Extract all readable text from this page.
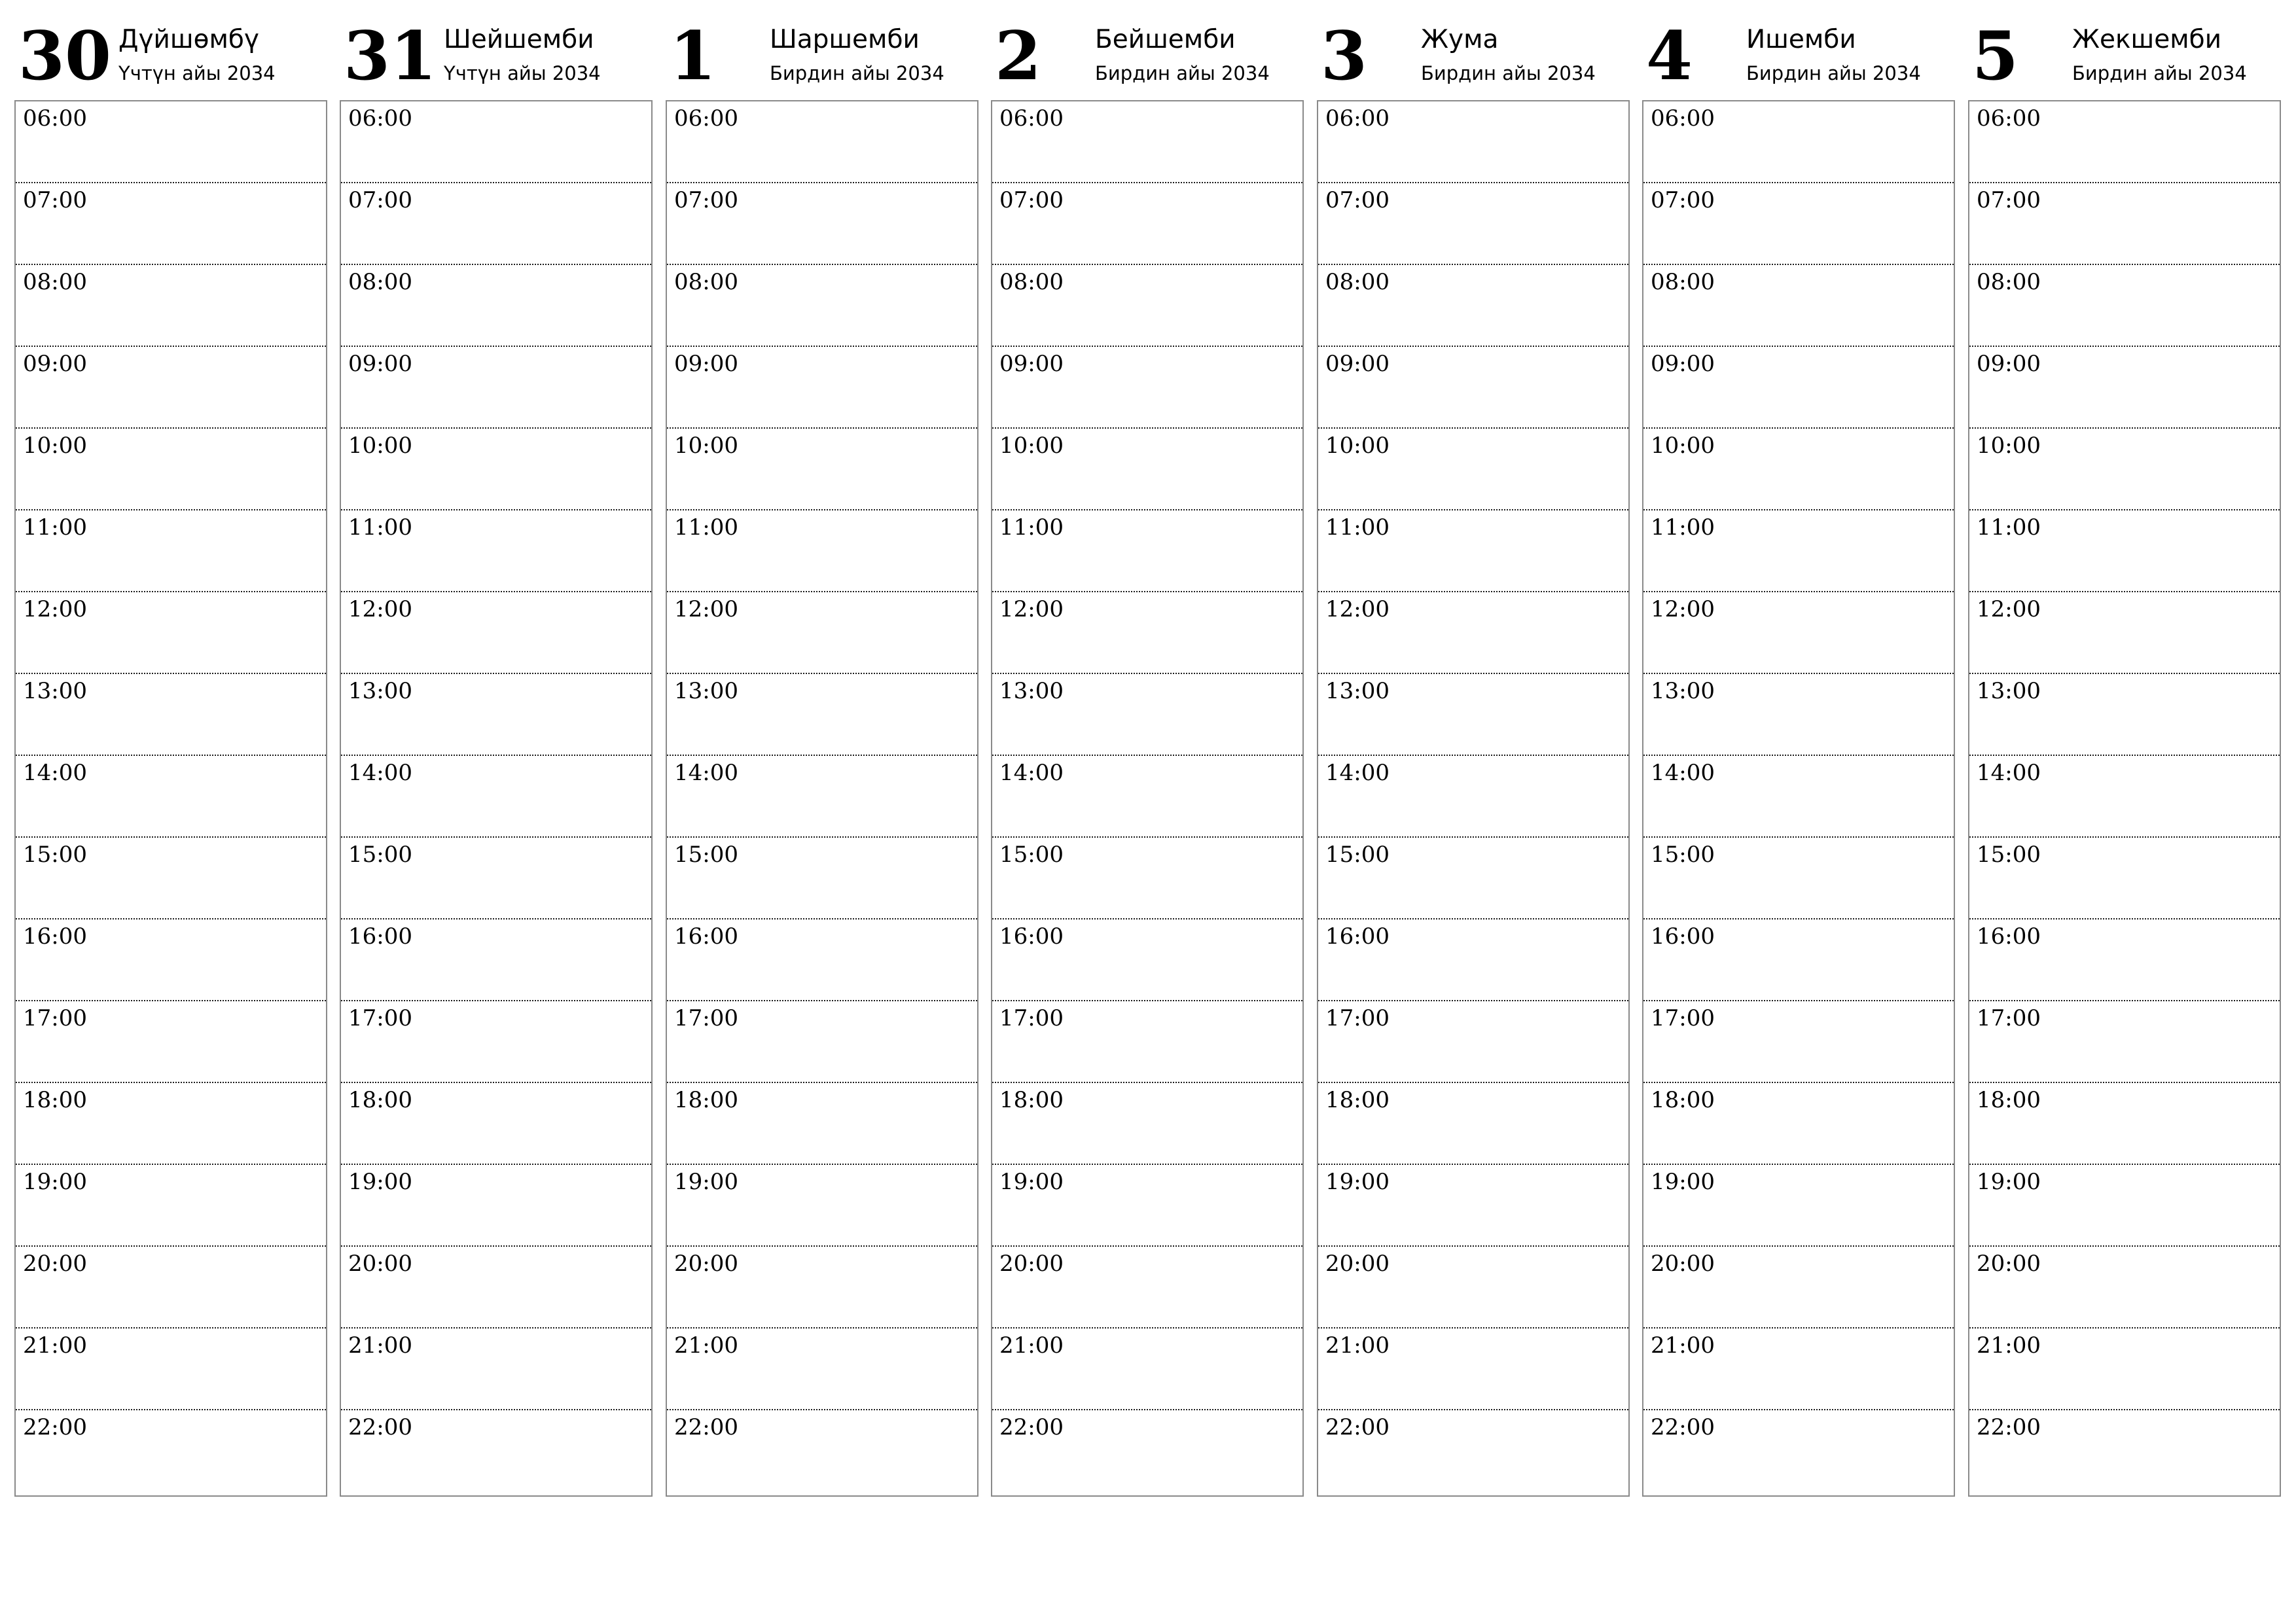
30 Дүйшөмбү
Үчтүн айы 2034
06:00
07:00
08:00
09:00
10:00
11:00
12:00
13:00
14:00
15:00
16:00
17:00
18:00
19:00
20:00
21:00
22:00
31 Шейшемби
Үчтүн айы 2034
06:00
07:00
08:00
09:00
10:00
11:00
12:00
13:00
14:00
15:00
16:00
17:00
18:00
19:00
20:00
21:00
22:00
1 Шаршемби
Бирдин айы 2034
06:00
07:00
08:00
09:00
10:00
11:00
12:00
13:00
14:00
15:00
16:00
17:00
18:00
19:00
20:00
21:00
22:00
2 Бейшемби
Бирдин айы 2034
06:00
07:00
08:00
09:00
10:00
11:00
12:00
13:00
14:00
15:00
16:00
17:00
18:00
19:00
20:00
21:00
22:00
3 Жума
Бирдин айы 2034
06:00
07:00
08:00
09:00
10:00
11:00
12:00
13:00
14:00
15:00
16:00
17:00
18:00
19:00
20:00
21:00
22:00
4 Ишемби
Бирдин айы 2034
06:00
07:00
08:00
09:00
10:00
11:00
12:00
13:00
14:00
15:00
16:00
17:00
18:00
19:00
20:00
21:00
22:00
5 Жекшемби
Бирдин айы 2034
06:00
07:00
08:00
09:00
10:00
11:00
12:00
13:00
14:00
15:00
16:00
17:00
18:00
19:00
20:00
21:00
22:00
